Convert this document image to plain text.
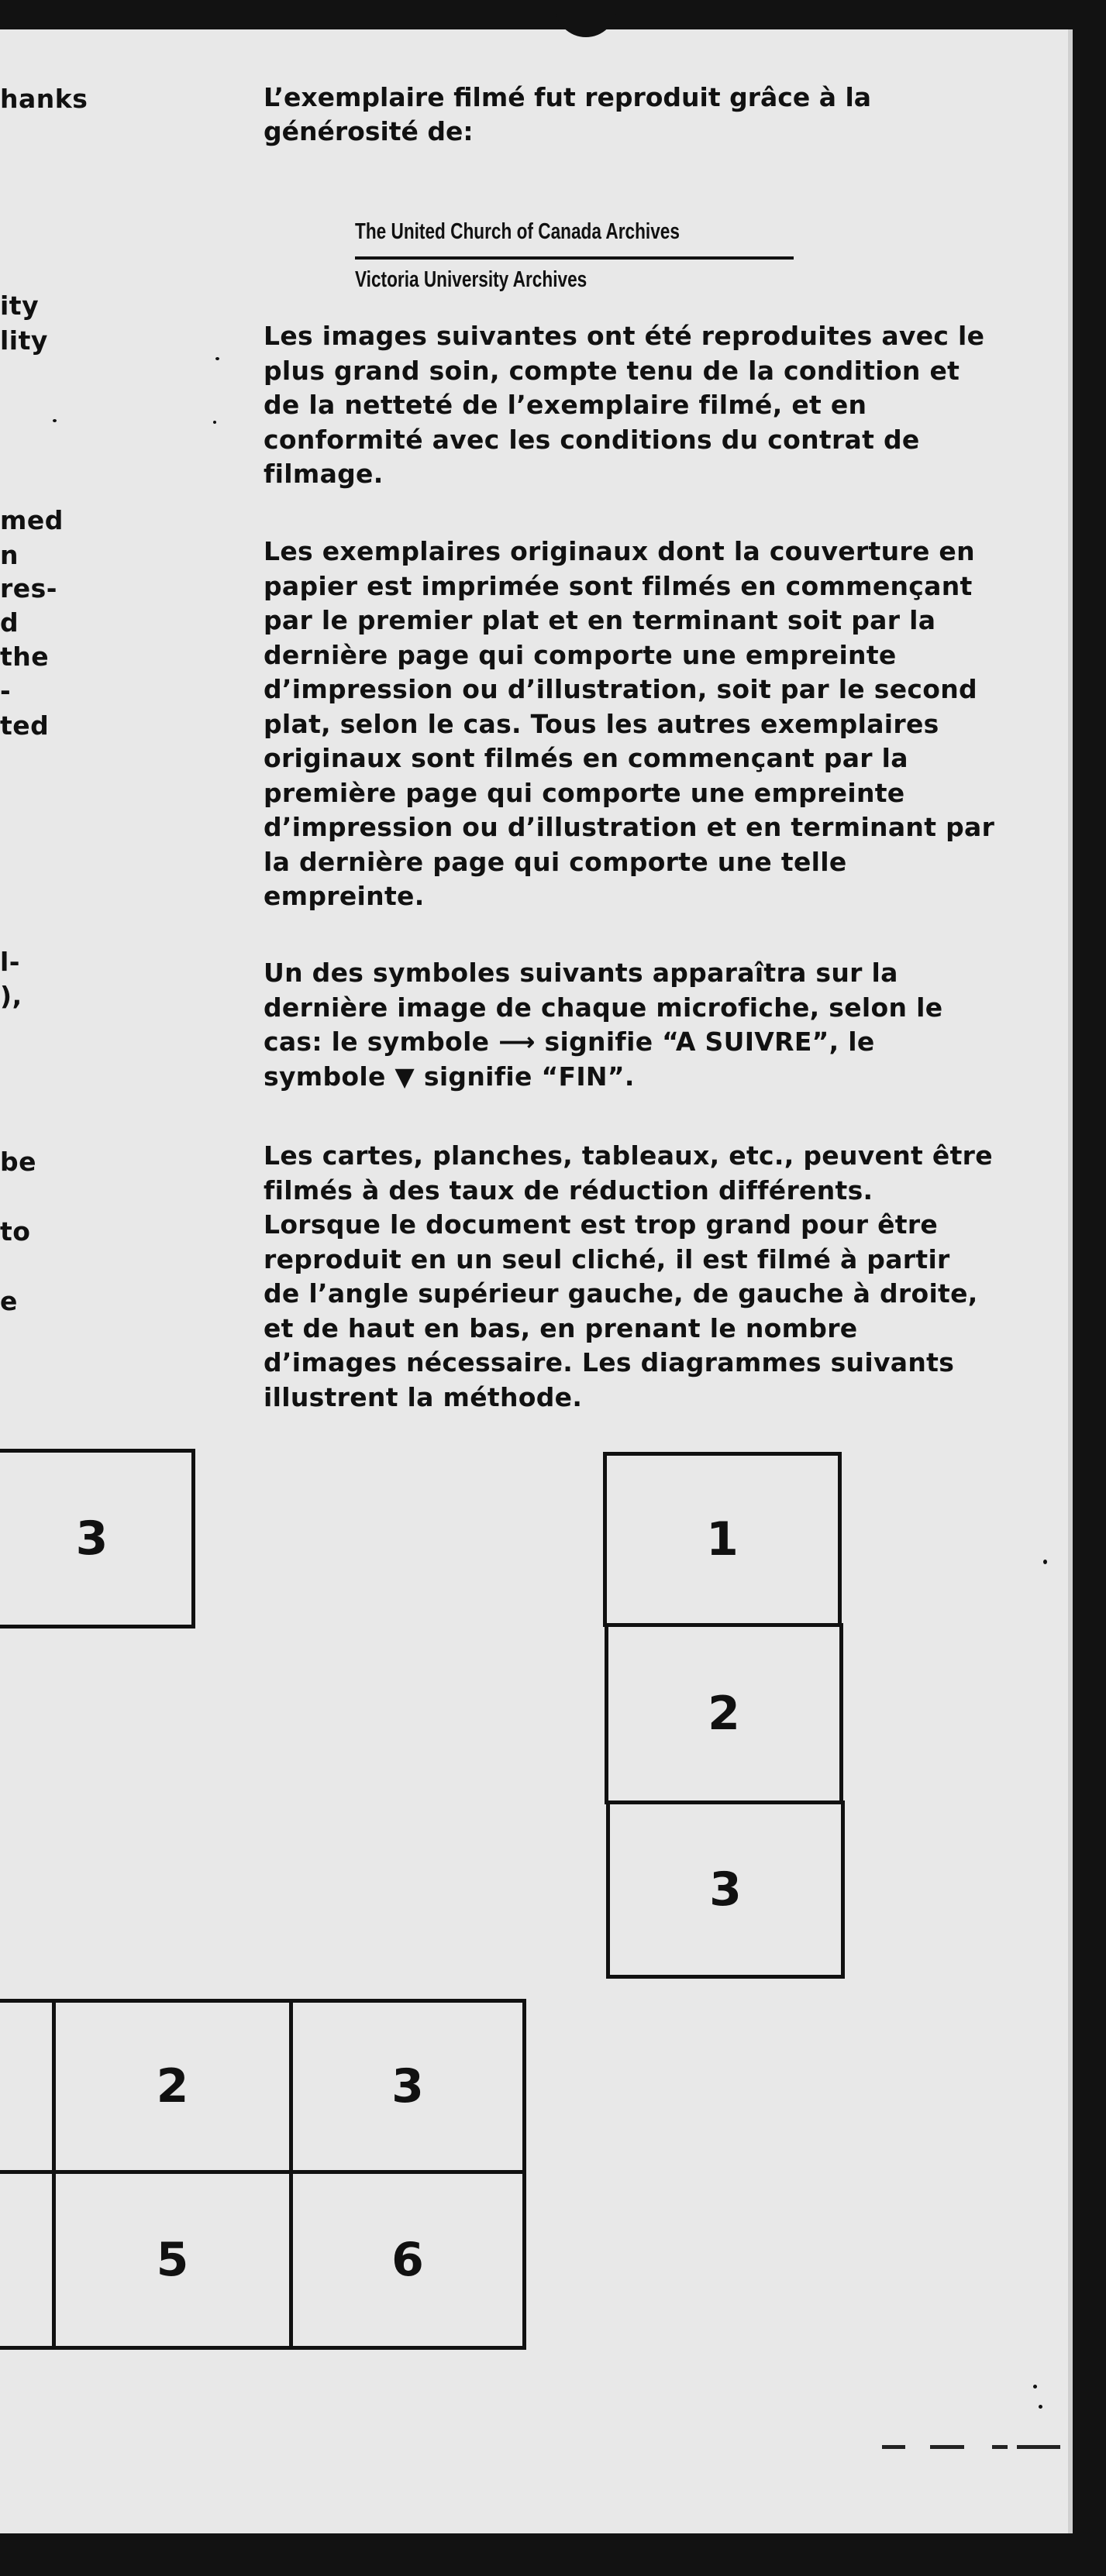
hanks
ity
lity
med
n
res-
d
the
-
ted
l-
),
be
to
e
L’exemplaire filmé fut reproduit grâce à la générosité de:
The United Church of Canada Archives
Victoria University Archives
Les images suivantes ont été reproduites avec le
plus grand soin, compte tenu de la condition et
de la netteté de l’exemplaire filmé, et en
conformité avec les conditions du contrat de
filmage.
Les exemplaires originaux dont la couverture en
papier est imprimée sont filmés en commençant
par le premier plat et en terminant soit par la
dernière page qui comporte une empreinte
d’impression ou d’illustration, soit par le second
plat, selon le cas. Tous les autres exemplaires
originaux sont filmés en commençant par la
première page qui comporte une empreinte
d’impression ou d’illustration et en terminant par
la dernière page qui comporte une telle
empreinte.
Un des symboles suivants apparaîtra sur la
dernière image de chaque microfiche, selon le
cas: le symbole ⟶ signifie “A SUIVRE”, le
symbole ▼ signifie “FIN”.
Les cartes, planches, tableaux, etc., peuvent être
filmés à des taux de réduction différents.
Lorsque le document est trop grand pour être
reproduit en un seul cliché, il est filmé à partir
de l’angle supérieur gauche, de gauche à droite,
et de haut en bas, en prenant le nombre
d’images nécessaire. Les diagrammes suivants
illustrent la méthode.
3	1
2
3
2	3
5	6
